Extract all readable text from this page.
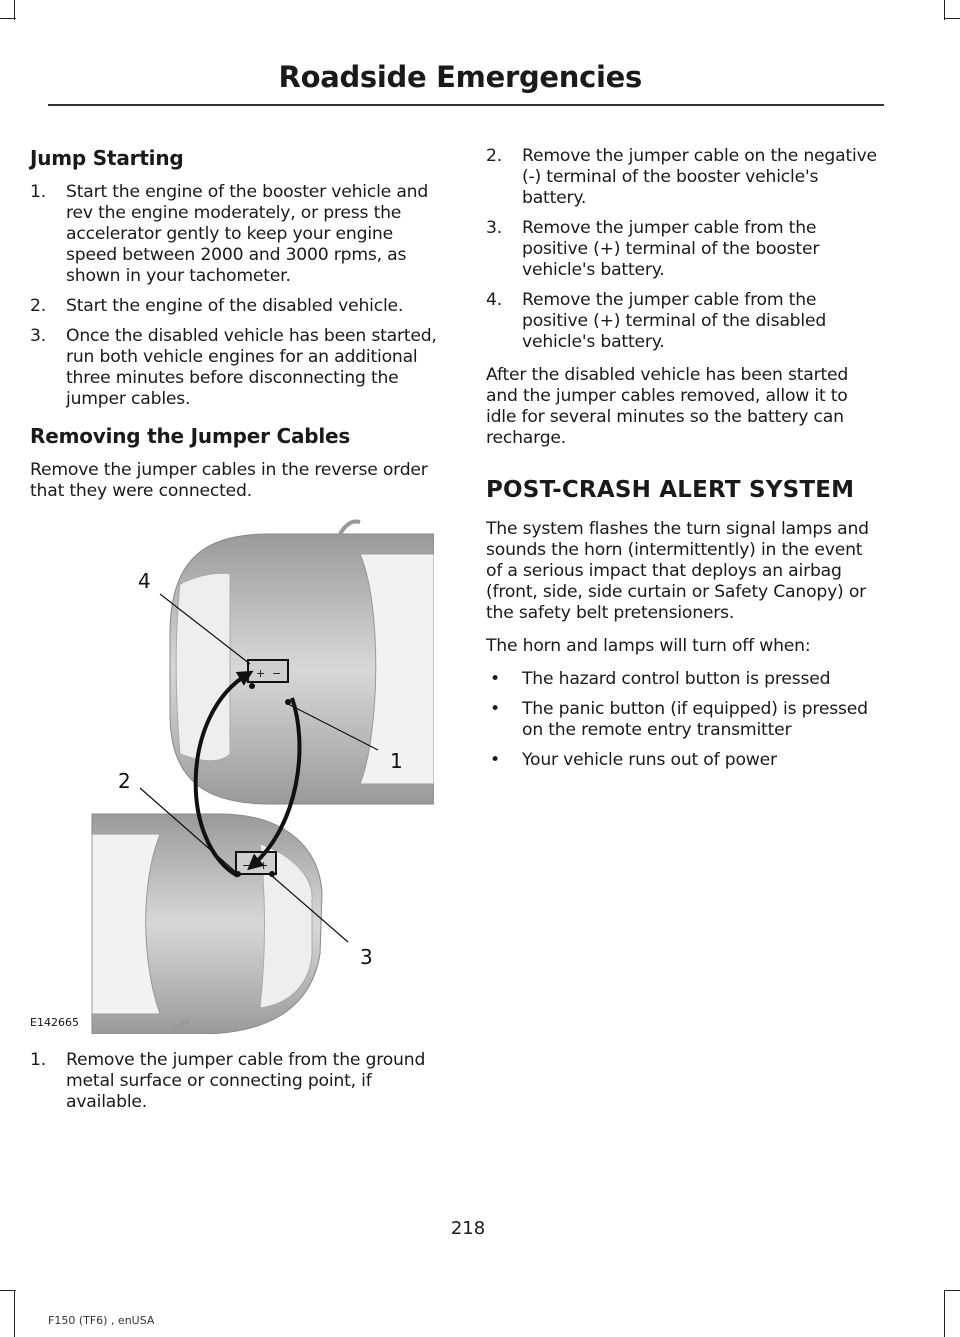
Roadside Emergencies
Jump Starting
1. Start the engine of the booster vehicle and rev the engine moderately, or press the accelerator gently to keep your engine speed between 2000 and 3000 rpms, as shown in your tachometer.
2. Start the engine of the disabled vehicle.
3. Once the disabled vehicle has been started, run both vehicle engines for an additional three minutes before disconnecting the jumper cables.
Removing the Jumper Cables

Remove the jumper cables in the reverse order that they were connected.

+ −
− +
4
1
2
3
E142665
1. Remove the jumper cable from the ground metal surface or connecting point, if available.
2. Remove the jumper cable on the negative (-) terminal of the booster vehicle's battery.
3. Remove the jumper cable from the positive (+) terminal of the booster vehicle's battery.
4. Remove the jumper cable from the positive (+) terminal of the disabled vehicle's battery.

After the disabled vehicle has been started and the jumper cables removed, allow it to idle for several minutes so the battery can recharge.

POST-CRASH ALERT SYSTEM

The system flashes the turn signal lamps and sounds the horn (intermittently) in the event of a serious impact that deploys an airbag (front, side, side curtain or Safety Canopy) or the safety belt pretensioners.

The horn and lamps will turn off when:

• The hazard control button is pressed
• The panic button (if equipped) is pressed on the remote entry transmitter
• Your vehicle runs out of power
218
F150 (TF6) , enUSA
